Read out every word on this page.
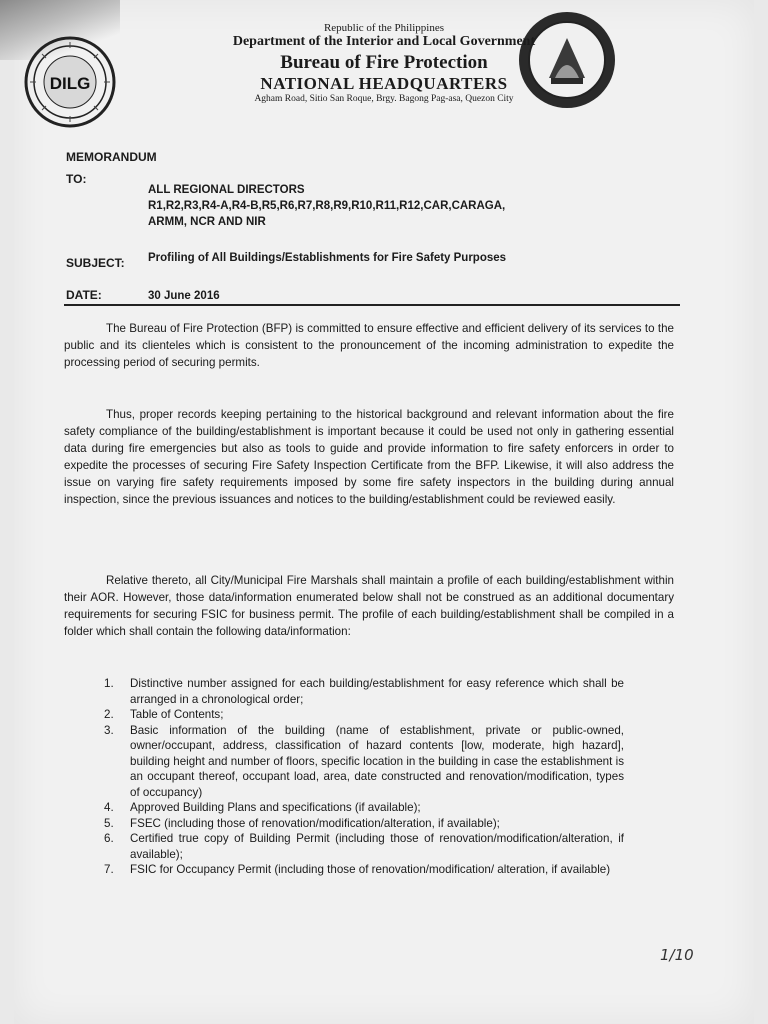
DILG
Republic of the Philippines
Department of the Interior and Local Government
Bureau of Fire Protection
NATIONAL HEADQUARTERS
Agham Road, Sitio San Roque, Brgy. Bagong Pag-asa, Quezon City
MEMORANDUM
TO:
ALL REGIONAL DIRECTORS
R1,R2,R3,R4-A,R4-B,R5,R6,R7,R8,R9,R10,R11,R12,CAR,CARAGA,
ARMM, NCR AND NIR
SUBJECT: Profiling of All Buildings/Establishments for Fire Safety Purposes
DATE:	30 June 2016
The Bureau of Fire Protection (BFP) is committed to ensure effective and efficient delivery of its services to the public and its clienteles which is consistent to the pronouncement of the incoming administration to expedite the processing period of securing permits.
Thus, proper records keeping pertaining to the historical background and relevant information about the fire safety compliance of the building/establishment is important because it could be used not only in gathering essential data during fire emergencies but also as tools to guide and provide information to fire safety enforcers in order to expedite the processes of securing Fire Safety Inspection Certificate from the BFP. Likewise, it will also address the issue on varying fire safety requirements imposed by some fire safety inspectors in the building during annual inspection, since the previous issuances and notices to the building/establishment could be reviewed easily.
Relative thereto, all City/Municipal Fire Marshals shall maintain a profile of each building/establishment within their AOR. However, those data/information enumerated below shall not be construed as an additional documentary requirements for securing FSIC for business permit. The profile of each building/establishment shall be compiled in a folder which shall contain the following data/information:
1. Distinctive number assigned for each building/establishment for easy reference which shall be arranged in a chronological order;
2. Table of Contents;
3. Basic information of the building (name of establishment, private or public-owned, owner/occupant, address, classification of hazard contents [low, moderate, high hazard], building height and number of floors, specific location in the building in case the establishment is an occupant thereof, occupant load, area, date constructed and renovation/modification, types of occupancy)
4. Approved Building Plans and specifications (if available);
5. FSEC (including those of renovation/modification/alteration, if available);
6. Certified true copy of Building Permit (including those of renovation/modification/alteration, if available);
7. FSIC for Occupancy Permit (including those of renovation/modification/ alteration, if available)
1/10
